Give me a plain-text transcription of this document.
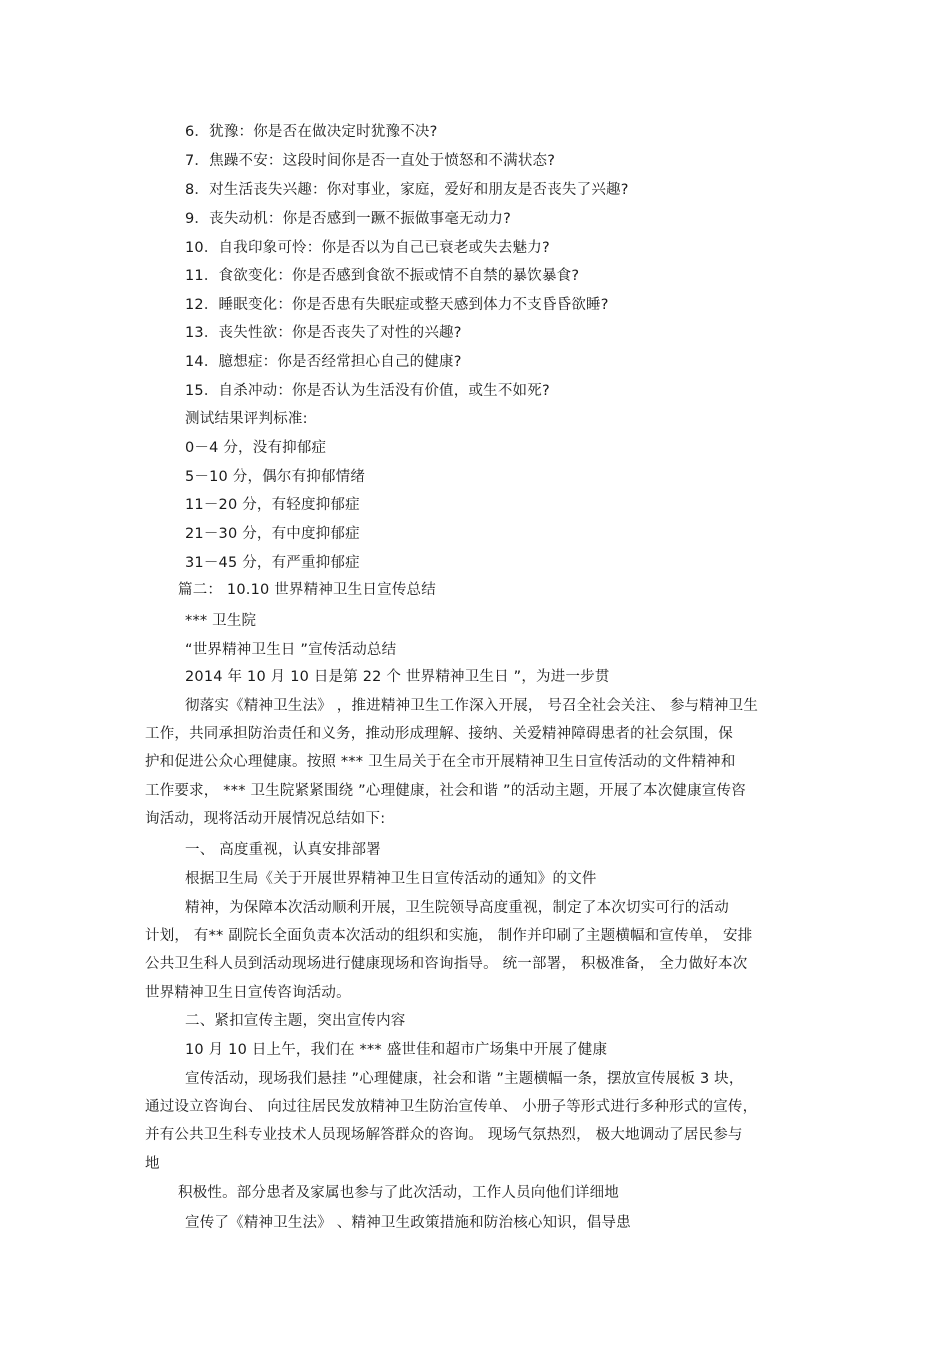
6．犹豫：你是否在做决定时犹豫不决?
7．焦躁不安：这段时间你是否一直处于愤怒和不满状态?
8．对生活丧失兴趣：你对事业，家庭，爱好和朋友是否丧失了兴趣?
9．丧失动机：你是否感到一蹶不振做事毫无动力?
10．自我印象可怜：你是否以为自己已衰老或失去魅力?
11．食欲变化：你是否感到食欲不振或情不自禁的暴饮暴食?
12．睡眠变化：你是否患有失眠症或整天感到体力不支昏昏欲睡?
13．丧失性欲：你是否丧失了对性的兴趣?
14．臆想症：你是否经常担心自己的健康?
15．自杀冲动：你是否认为生活没有价值，或生不如死?
测试结果评判标准:
0－4 分，没有抑郁症
5－10 分，偶尔有抑郁情绪
11－20 分，有轻度抑郁症
21－30 分，有中度抑郁症
31－45 分，有严重抑郁症
篇二： 10.10 世界精神卫生日宣传总结
*** 卫生院
“世界精神卫生日 ”宣传活动总结
2014 年 10 月 10 日是第 22 个 世界精神卫生日 ”，为进一步贯
彻落实《精神卫生法》 ，推进精神卫生工作深入开展， 号召全社会关注、 参与精神卫生
工作，共同承担防治责任和义务，推动形成理解、接纳、关爱精神障碍患者的社会氛围，保
护和促进公众心理健康。按照 *** 卫生局关于在全市开展精神卫生日宣传活动的文件精神和
工作要求， *** 卫生院紧紧围绕 ”心理健康，社会和谐 ”的活动主题，开展了本次健康宣传咨
询活动，现将活动开展情况总结如下:
一、 高度重视，认真安排部署
根据卫生局《关于开展世界精神卫生日宣传活动的通知》的文件
精神，为保障本次活动顺利开展，卫生院领导高度重视，制定了本次切实可行的活动
计划， 有** 副院长全面负责本次活动的组织和实施， 制作并印刷了主题横幅和宣传单， 安排
公共卫生科人员到活动现场进行健康现场和咨询指导。 统一部署， 积极准备， 全力做好本次
世界精神卫生日宣传咨询活动。
二、紧扣宣传主题，突出宣传内容
10 月 10 日上午，我们在 *** 盛世佳和超市广场集中开展了健康
宣传活动，现场我们悬挂 ”心理健康，社会和谐 ”主题横幅一条，摆放宣传展板 3 块，
通过设立咨询台、 向过往居民发放精神卫生防治宣传单、 小册子等形式进行多种形式的宣传，
并有公共卫生科专业技术人员现场解答群众的咨询。 现场气氛热烈， 极大地调动了居民参与
地
积极性。部分患者及家属也参与了此次活动，工作人员向他们详细地
宣传了《精神卫生法》 、精神卫生政策措施和防治核心知识，倡导患
